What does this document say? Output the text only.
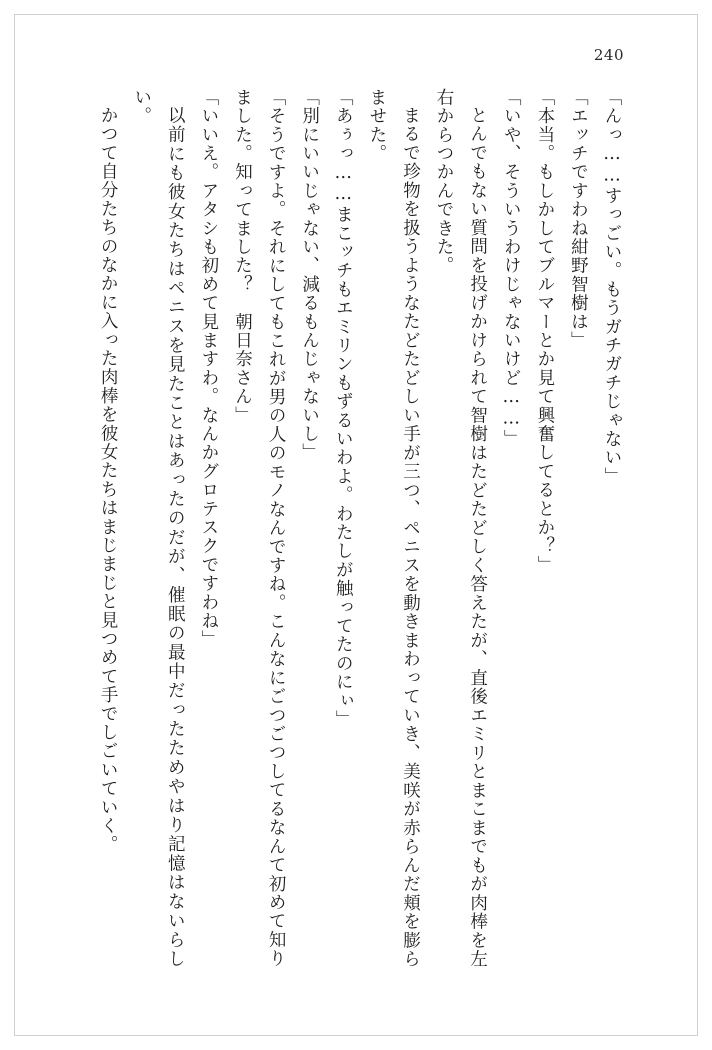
240

「んっ……すっごい。もうガチガチじゃない」

「エッチですわね紺野智樹は」

「本当。もしかしてブルマーとか見て興奮してるとか？」

「いや、そういうわけじゃないけど……」

とんでもない質問を投げかけられて智樹はたどたどしく答えたが、直後エミリとまこまでもが肉棒を左右からつかんできた。

まるで珍物を扱うようなたどたどしい手が三つ、ペニスを動きまわっていき、美咲が赤らんだ頬を膨らませた。

「あぅっ……まこッチもエミリンもずるいわよ。わたしが触ってたのにぃ」

「別にいいじゃない、減るもんじゃないし」

「そうですよ。それにしてもこれが男の人のモノなんですね。こんなにごつごつしてるなんて初めて知りました。知ってました？　朝日奈さん」

「いいえ。アタシも初めて見ますわ。なんかグロテスクですわね」

以前にも彼女たちはペニスを見たことはあったのだが、催眠の最中だったためやはり記憶はないらしい。

かつて自分たちのなかに入った肉棒を彼女たちはまじまじと見つめて手でしごいていく。
